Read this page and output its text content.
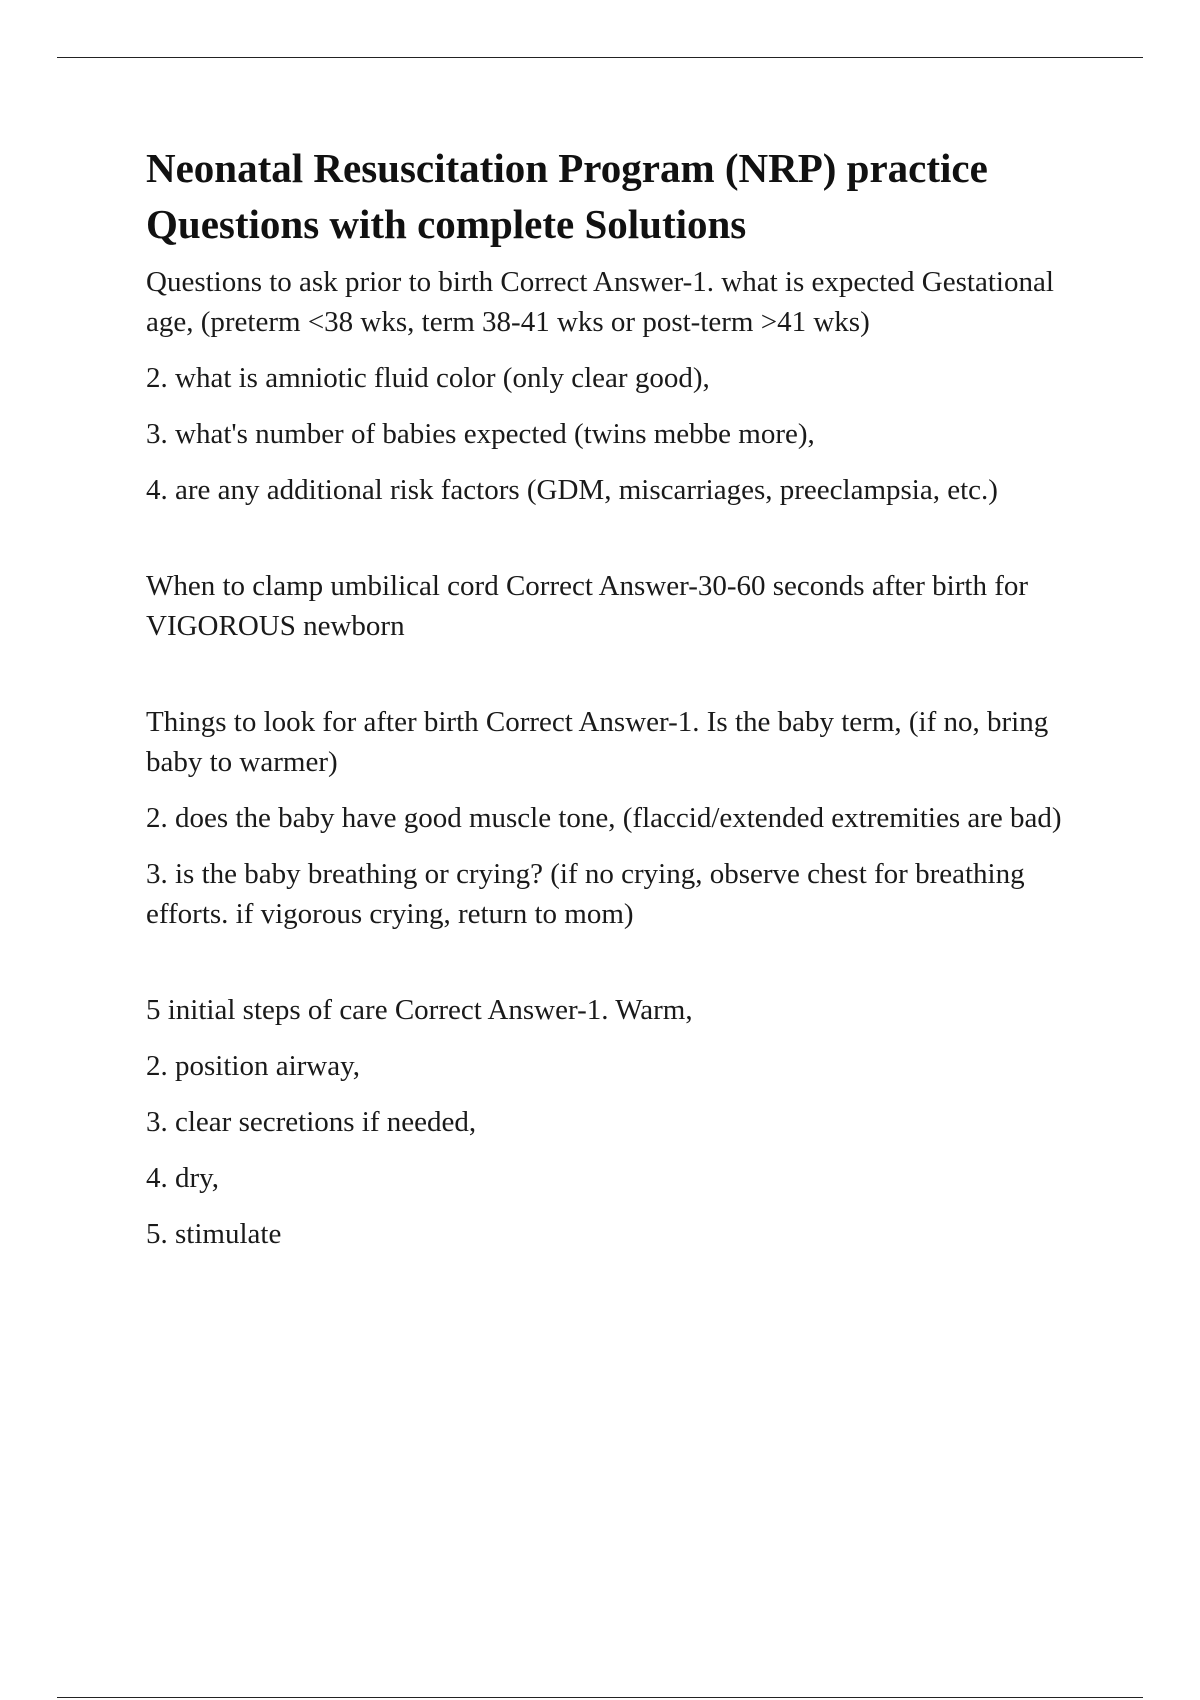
Neonatal Resuscitation Program (NRP) practice Questions with complete Solutions

Questions to ask prior to birth Correct Answer-1. what is expected Gestational age, (preterm <38 wks, term 38-41 wks or post-term >41 wks)

2. what is amniotic fluid color (only clear good),

3. what's number of babies expected (twins mebbe more),

4. are any additional risk factors (GDM, miscarriages, preeclampsia, etc.)

When to clamp umbilical cord Correct Answer-30-60 seconds after birth for VIGOROUS newborn

Things to look for after birth Correct Answer-1. Is the baby term, (if no, bring baby to warmer)

2. does the baby have good muscle tone, (flaccid/extended extremities are bad)

3. is the baby breathing or crying? (if no crying, observe chest for breathing efforts. if vigorous crying, return to mom)

5 initial steps of care Correct Answer-1. Warm,

2. position airway,

3. clear secretions if needed,

4. dry,

5. stimulate
